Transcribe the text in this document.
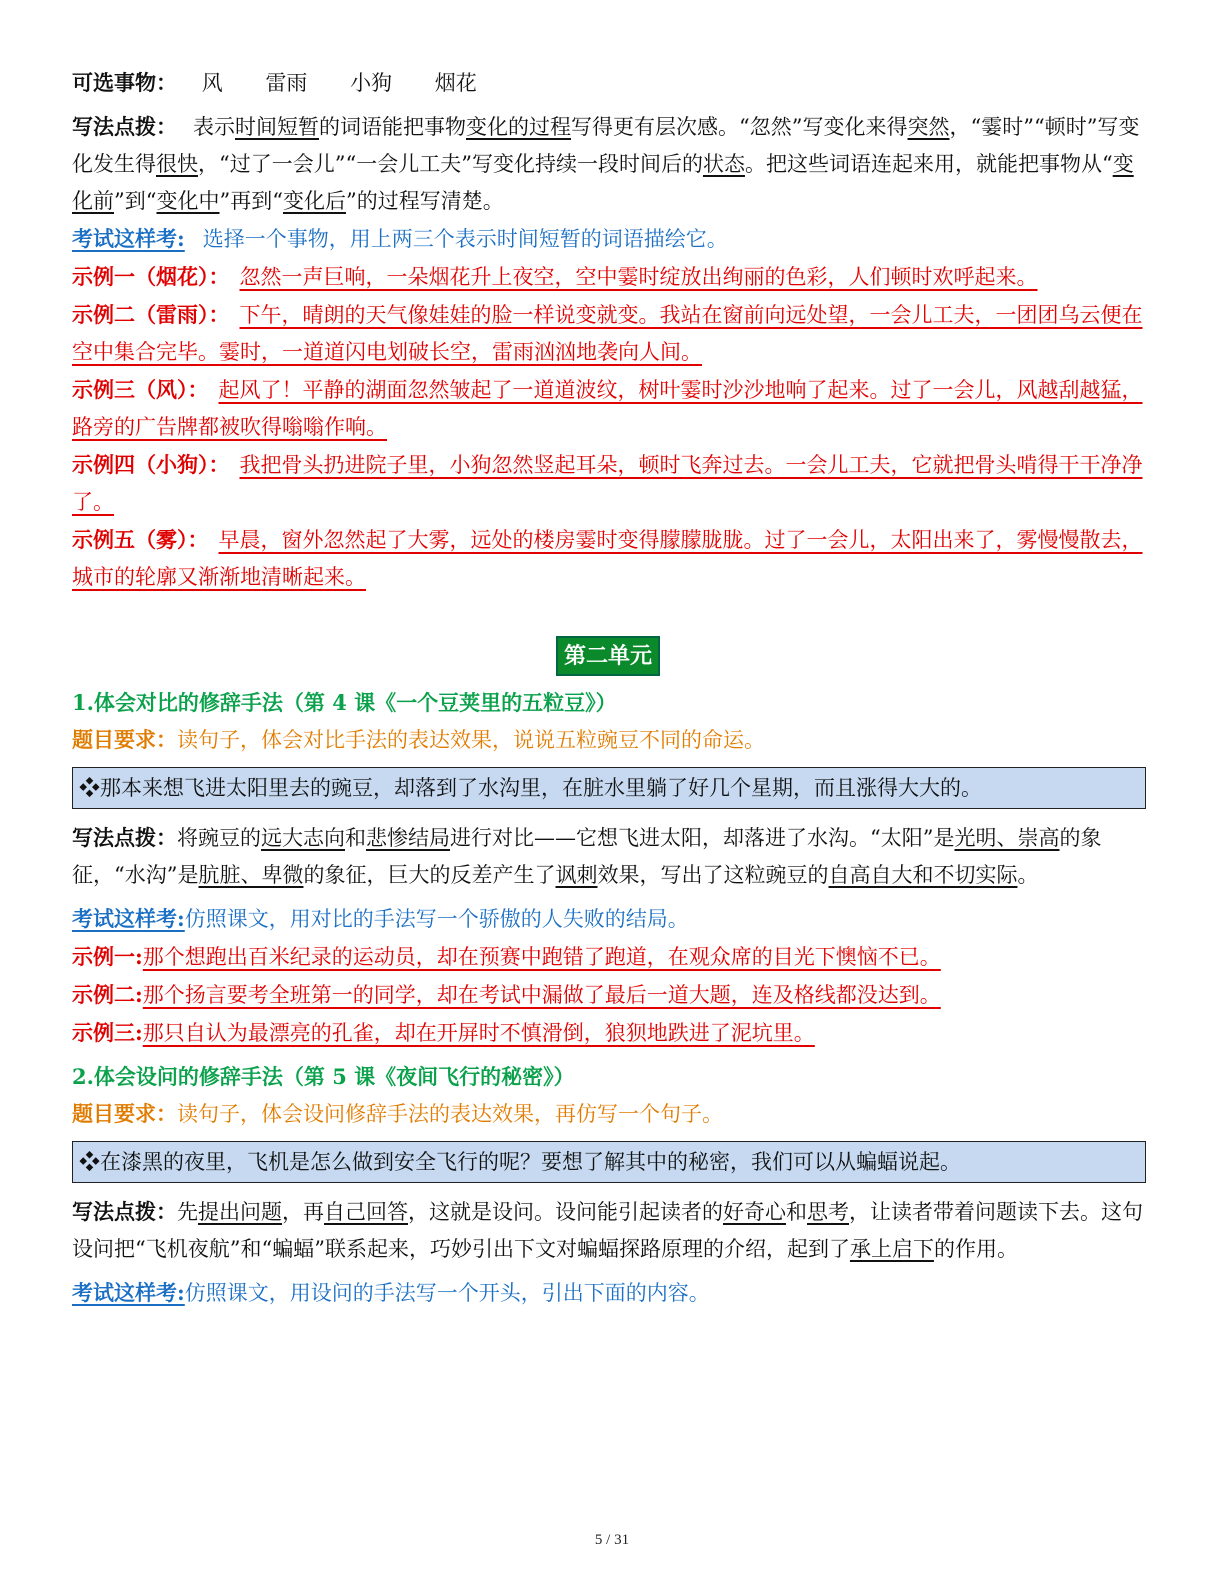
可选事物： 风 雷雨 小狗 烟花

写法点拨： 表示时间短暂的词语能把事物变化的过程写得更有层次感。“忽然”写变化来得突然，“霎时”“顿时”写变化发生得很快，“过了一会儿”“一会儿工夫”写变化持续一段时间后的状态。把这些词语连起来用，就能把事物从“变化前”到“变化中”再到“变化后”的过程写清楚。

考试这样考: 选择一个事物，用上两三个表示时间短暂的词语描绘它。

示例一（烟花）： 忽然一声巨响，一朵烟花升上夜空，空中霎时绽放出绚丽的色彩，人们顿时欢呼起来。

示例二（雷雨）： 下午，晴朗的天气像娃娃的脸一样说变就变。我站在窗前向远处望，一会儿工夫，一团团乌云便在空中集合完毕。霎时，一道道闪电划破长空，雷雨汹汹地袭向人间。

示例三（风）： 起风了！平静的湖面忽然皱起了一道道波纹，树叶霎时沙沙地响了起来。过了一会儿，风越刮越猛，路旁的广告牌都被吹得嗡嗡作响。

示例四（小狗）： 我把骨头扔进院子里，小狗忽然竖起耳朵，顿时飞奔过去。一会儿工夫，它就把骨头啃得干干净净了。

示例五（雾）： 早晨，窗外忽然起了大雾，远处的楼房霎时变得朦朦胧胧。过了一会儿，太阳出来了，雾慢慢散去，城市的轮廓又渐渐地清晰起来。

第二单元

1.体会对比的修辞手法（第 4 课《一个豆荚里的五粒豆》）

题目要求：读句子，体会对比手法的表达效果，说说五粒豌豆不同的命运。

❖那本来想飞进太阳里去的豌豆，却落到了水沟里，在脏水里躺了好几个星期，而且涨得大大的。

写法点拨：将豌豆的远大志向和悲惨结局进行对比——它想飞进太阳，却落进了水沟。“太阳”是光明、崇高的象征，“水沟”是肮脏、卑微的象征，巨大的反差产生了讽刺效果，写出了这粒豌豆的自高自大和不切实际。

考试这样考:仿照课文，用对比的手法写一个骄傲的人失败的结局。

示例一:那个想跑出百米纪录的运动员，却在预赛中跑错了跑道，在观众席的目光下懊恼不已。

示例二:那个扬言要考全班第一的同学，却在考试中漏做了最后一道大题，连及格线都没达到。

示例三:那只自认为最漂亮的孔雀，却在开屏时不慎滑倒，狼狈地跌进了泥坑里。

2.体会设问的修辞手法（第 5 课《夜间飞行的秘密》）

题目要求：读句子，体会设问修辞手法的表达效果，再仿写一个句子。

❖在漆黑的夜里，飞机是怎么做到安全飞行的呢？要想了解其中的秘密，我们可以从蝙蝠说起。

写法点拨：先提出问题，再自己回答，这就是设问。设问能引起读者的好奇心和思考，让读者带着问题读下去。这句设问把“飞机夜航”和“蝙蝠”联系起来，巧妙引出下文对蝙蝠探路原理的介绍，起到了承上启下的作用。

考试这样考:仿照课文，用设问的手法写一个开头，引出下面的内容。

5 / 31
